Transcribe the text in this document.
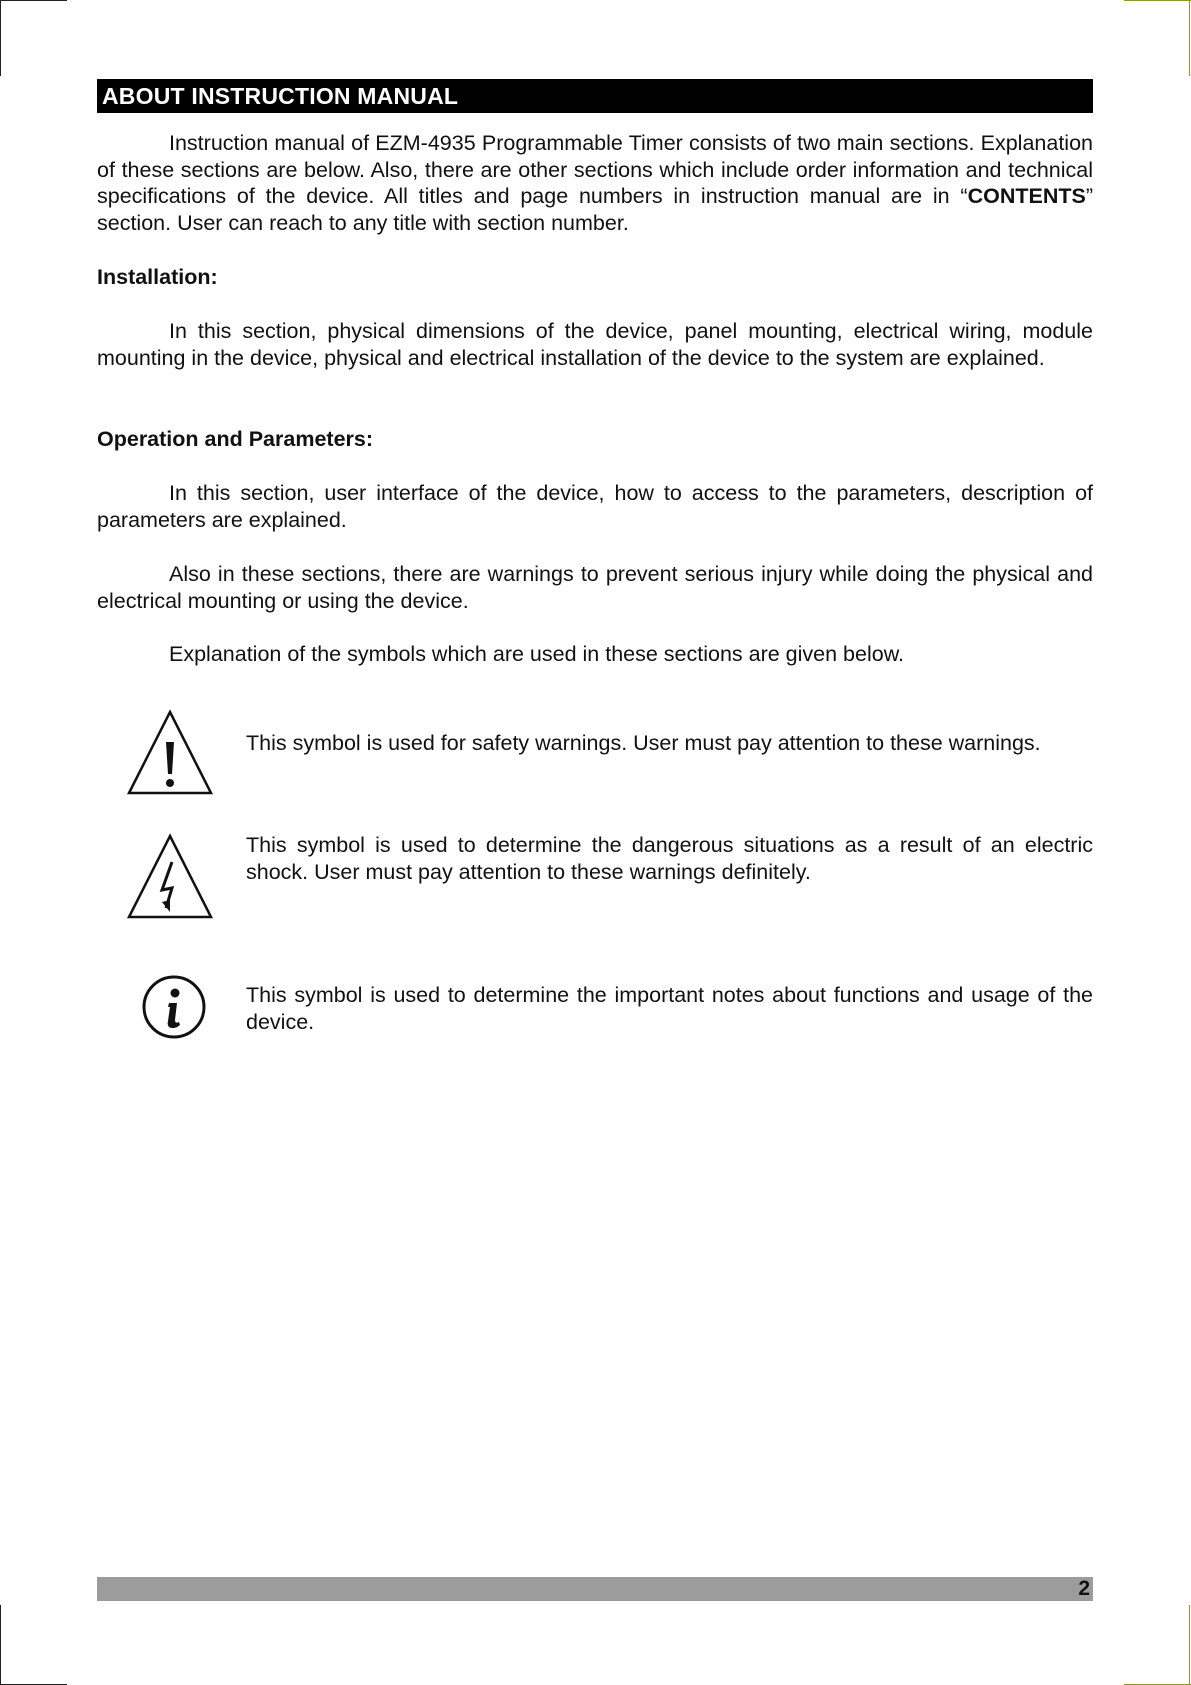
ABOUT INSTRUCTION MANUAL

Instruction manual of EZM-4935 Programmable Timer consists of two main sections. Explanation of these sections are below. Also, there are other sections which include order information and technical specifications of the device. All titles and page numbers in instruction manual are in “CONTENTS” section. User can reach to any title with section number.

Installation:

In this section, physical dimensions of the device, panel mounting, electrical wiring, module mounting in the device, physical and electrical installation of the device to the system are explained.

Operation and Parameters:

In this section, user interface of the device, how to access to the parameters, description of parameters are explained.

Also in these sections, there are warnings to prevent serious injury while doing the physical and electrical mounting or using the device.

Explanation of the symbols which are used in these sections are given below.

This symbol is used for safety warnings. User must pay attention to these warnings.

This symbol is used to determine the dangerous situations as a result of an electric shock. User must pay attention to these warnings definitely.

This symbol is used to determine the important notes about functions and usage of the device.

2
